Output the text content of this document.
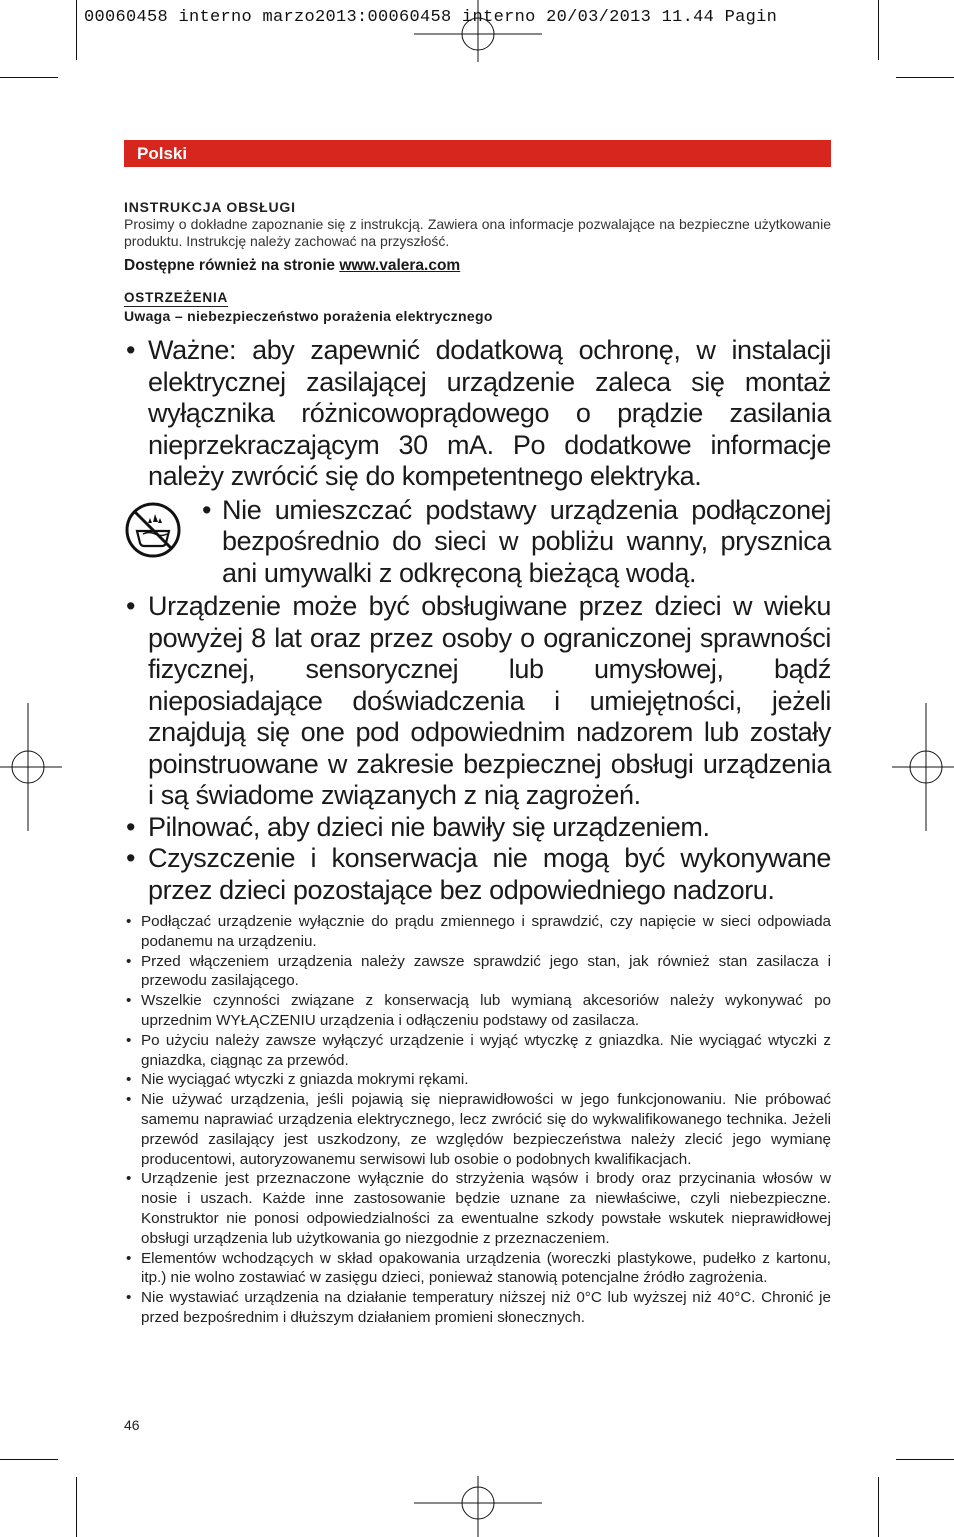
00060458 interno marzo2013:00060458 interno 20/03/2013 11.44 Pagin
Polski

INSTRUKCJA OBSŁUGI

Prosimy o dokładne zapoznanie się z instrukcją. Zawiera ona informacje pozwalające na bezpieczne użytkowanie produktu. Instrukcję należy zachować na przyszłość.

Dostępne również na stronie www.valera.com

OSTRZEŻENIA

Uwaga – niebezpieczeństwo porażenia elektrycznego

• Ważne: aby zapewnić dodatkową ochronę, w instalacji elektrycznej zasilającej urządzenie zaleca się montaż wyłącznika różnicowoprądowego o prądzie zasilania nieprzekraczającym 30 mA. Po dodatkowe informacje należy zwrócić się do kompetentnego elektryka.
• Nie umieszczać podstawy urządzenia podłączonej bezpośrednio do sieci w pobliżu wanny, prysznica ani umywalki z odkręconą bieżącą wodą.
• Urządzenie może być obsługiwane przez dzieci w wieku powyżej 8 lat oraz przez osoby o ograniczonej sprawności fizycznej, sensorycznej lub umysłowej, bądź nieposiadające doświadczenia i umiejętności, jeżeli znajdują się one pod odpowiednim nadzorem lub zostały poinstruowane w zakresie bezpiecznej obsługi urządzenia i są świadome związanych z nią zagrożeń.
• Pilnować, aby dzieci nie bawiły się urządzeniem.
• Czyszczenie i konserwacja nie mogą być wykonywane przez dzieci pozostające bez odpowiedniego nadzoru.
• Podłączać urządzenie wyłącznie do prądu zmiennego i sprawdzić, czy napięcie w sieci odpowiada podanemu na urządzeniu.
• Przed włączeniem urządzenia należy zawsze sprawdzić jego stan, jak również stan zasilacza i przewodu zasilającego.
• Wszelkie czynności związane z konserwacją lub wymianą akcesoriów należy wykonywać po uprzednim WYŁĄCZENIU urządzenia i odłączeniu podstawy od zasilacza.
• Po użyciu należy zawsze wyłączyć urządzenie i wyjąć wtyczkę z gniazdka. Nie wyciągać wtyczki z gniazdka, ciągnąc za przewód.
• Nie wyciągać wtyczki z gniazda mokrymi rękami.
• Nie używać urządzenia, jeśli pojawią się nieprawidłowości w jego funkcjonowaniu. Nie próbować samemu naprawiać urządzenia elektrycznego, lecz zwrócić się do wykwalifikowanego technika. Jeżeli przewód zasilający jest uszkodzony, ze względów bezpieczeństwa należy zlecić jego wymianę producentowi, autoryzowanemu serwisowi lub osobie o podobnych kwalifikacjach.
• Urządzenie jest przeznaczone wyłącznie do strzyżenia wąsów i brody oraz przycinania włosów w nosie i uszach. Każde inne zastosowanie będzie uznane za niewłaściwe, czyli niebezpieczne. Konstruktor nie ponosi odpowiedzialności za ewentualne szkody powstałe wskutek nieprawidłowej obsługi urządzenia lub użytkowania go niezgodnie z przeznaczeniem.
• Elementów wchodzących w skład opakowania urządzenia (woreczki plastykowe, pudełko z kartonu, itp.) nie wolno zostawiać w zasięgu dzieci, ponieważ stanowią potencjalne źródło zagrożenia.
• Nie wystawiać urządzenia na działanie temperatury niższej niż 0°C lub wyższej niż 40°C. Chronić je przed bezpośrednim i dłuższym działaniem promieni słonecznych.
46
